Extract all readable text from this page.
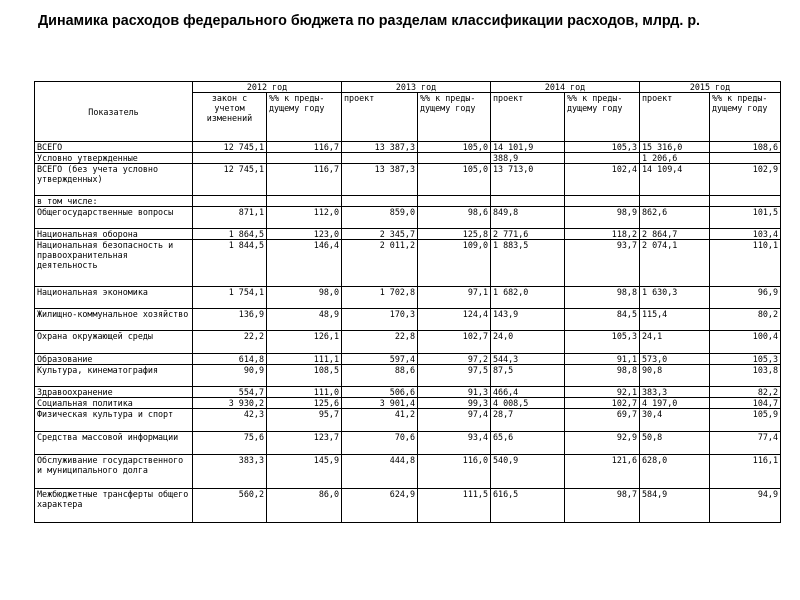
Динамика расходов федерального бюджета по разделам классификации расходов, млрд. р.
Показатель	2012 год		2013 год		2014 год		2015 год	
	закон с учетом изменений	%% к преды-дущему году	проект	%% к преды-дущему году	проект	%% к преды-дущему году	проект	%% к преды-дущему году
ВСЕГО	12 745,1	116,7	13 387,3	105,0	14 101,9	105,3	15 316,0	108,6
Условно утвержденные					388,9		1 206,6	
ВСЕГО (без учета условно утвержденных)	12 745,1	116,7	13 387,3	105,0	13 713,0	102,4	14 109,4	102,9
в том числе:								
Общегосударственные вопросы	871,1	112,0	859,0	98,6	849,8	98,9	862,6	101,5
Национальная оборона	1 864,5	123,0	2 345,7	125,8	2 771,6	118,2	2 864,7	103,4
Национальная безопасность и правоохранительная деятельность	1 844,5	146,4	2 011,2	109,0	1 883,5	93,7	2 074,1	110,1
Национальная экономика	1 754,1	98,0	1 702,8	97,1	1 682,0	98,8	1 630,3	96,9
Жилищно-коммунальное хозяйство	136,9	48,9	170,3	124,4	143,9	84,5	115,4	80,2
Охрана окружающей среды	22,2	126,1	22,8	102,7	24,0	105,3	24,1	100,4
Образование	614,8	111,1	597,4	97,2	544,3	91,1	573,0	105,3
Культура, кинематография	90,9	108,5	88,6	97,5	87,5	98,8	90,8	103,8
Здравоохранение	554,7	111,0	506,6	91,3	466,4	92,1	383,3	82,2
Социальная политика	3 930,2	125,6	3 901,4	99,3	4 008,5	102,7	4 197,0	104,7
Физическая культура и спорт	42,3	95,7	41,2	97,4	28,7	69,7	30,4	105,9
Средства массовой информации	75,6	123,7	70,6	93,4	65,6	92,9	50,8	77,4
Обслуживание государственного и муниципального долга	383,3	145,9	444,8	116,0	540,9	121,6	628,0	116,1
Межбюджетные трансферты общего характера	560,2	86,0	624,9	111,5	616,5	98,7	584,9	94,9
